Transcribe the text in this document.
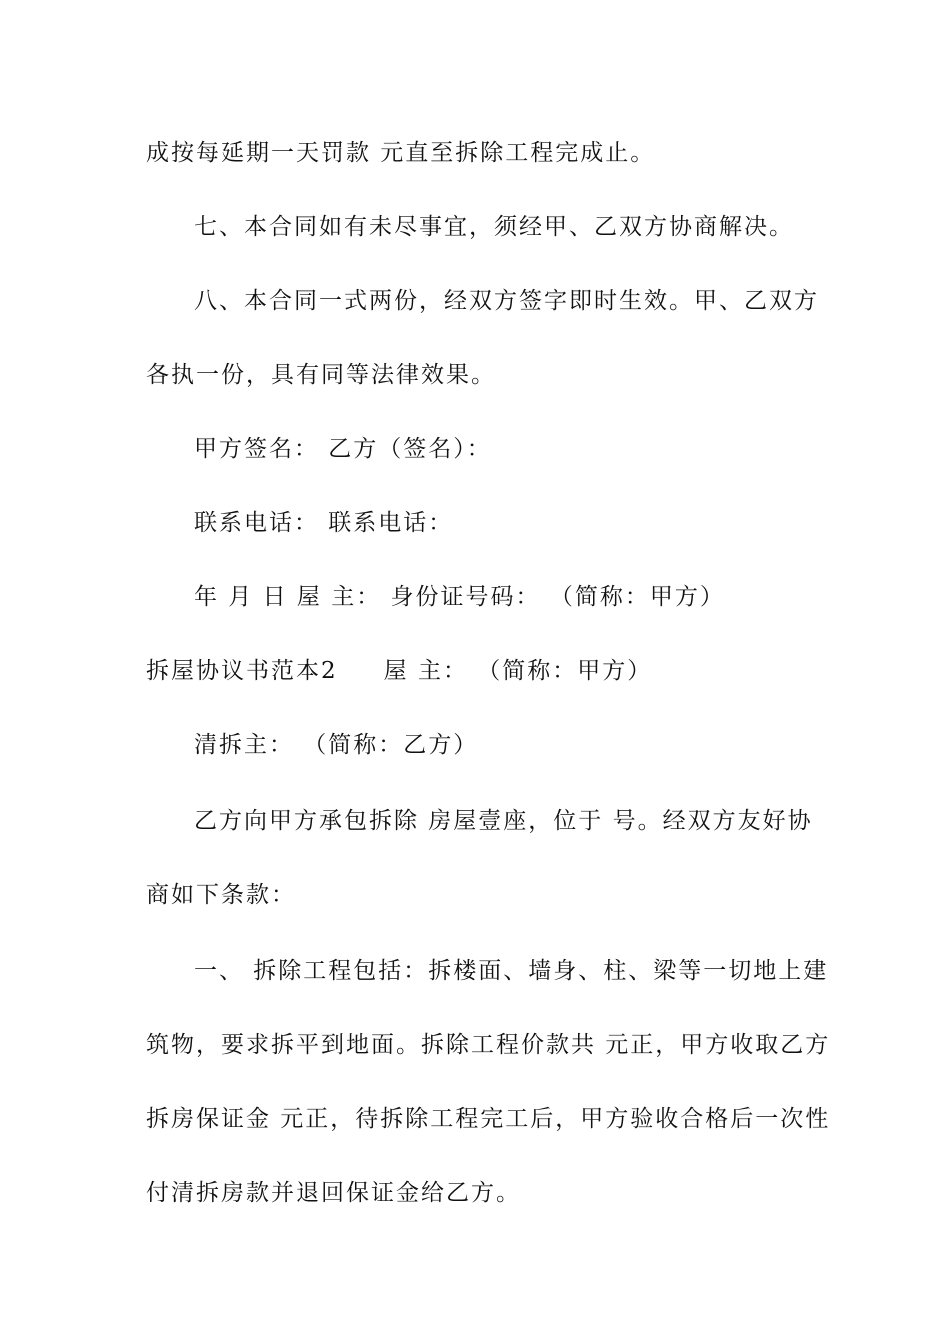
成按每延期一天罚款 元直至拆除工程完成止。
七、本合同如有未尽事宜，须经甲、乙双方协商解决。
八、本合同一式两份，经双方签字即时生效。甲、乙双方
各执一份，具有同等法律效果。
甲方签名： 乙方（签名）：
联系电话： 联系电话：
年 月 日 屋 主： 身份证号码： （简称：甲方）
拆屋协议书范本2 屋 主： （简称：甲方）
清拆主： （简称：乙方）
乙方向甲方承包拆除 房屋壹座，位于 号。经双方友好协
商如下条款：
一、 拆除工程包括：拆楼面、墙身、柱、梁等一切地上建
筑物，要求拆平到地面。拆除工程价款共 元正，甲方收取乙方
拆房保证金 元正，待拆除工程完工后，甲方验收合格后一次性
付清拆房款并退回保证金给乙方。
